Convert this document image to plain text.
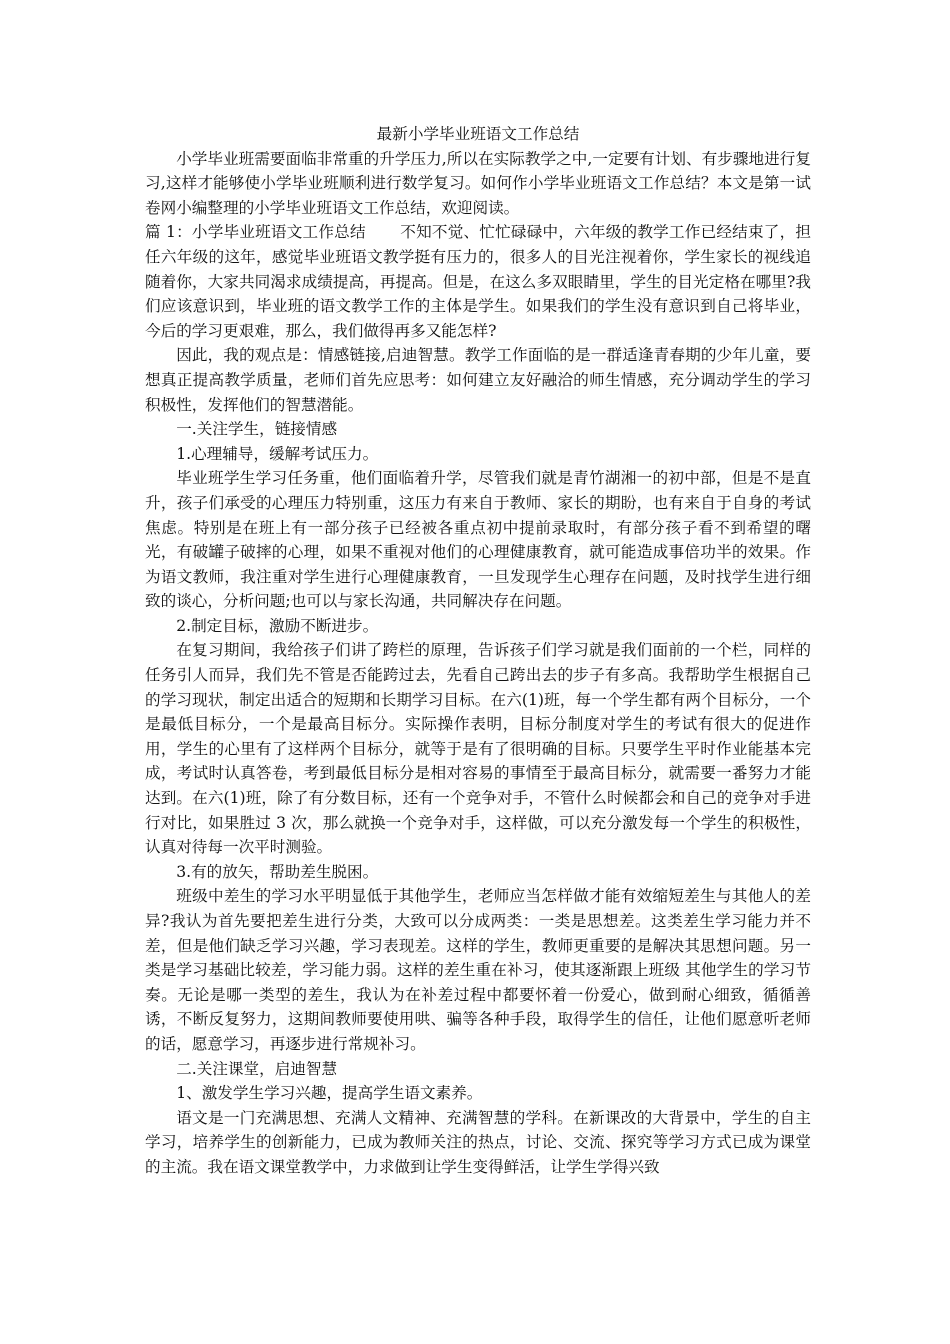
最新小学毕业班语文工作总结

小学毕业班需要面临非常重的升学压力,所以在实际教学之中,一定要有计划、有步骤地进行复习,这样才能够使小学毕业班顺利进行数学复习。如何作小学毕业班语文工作总结？本文是第一试卷网小编整理的小学毕业班语文工作总结，欢迎阅读。

篇 1：小学毕业班语文工作总结 不知不觉、忙忙碌碌中，六年级的教学工作已经结束了，担任六年级的这年，感觉毕业班语文教学挺有压力的，很多人的目光注视着你，学生家长的视线追随着你，大家共同渴求成绩提高，再提高。但是，在这么多双眼睛里，学生的目光定格在哪里?我们应该意识到，毕业班的语文教学工作的主体是学生。如果我们的学生没有意识到自己将毕业，今后的学习更艰难，那么，我们做得再多又能怎样?

因此，我的观点是：情感链接,启迪智慧。教学工作面临的是一群适逢青春期的少年儿童，要想真正提高教学质量，老师们首先应思考：如何建立友好融洽的师生情感，充分调动学生的学习积极性，发挥他们的智慧潜能。

一.关注学生，链接情感

1.心理辅导，缓解考试压力。

毕业班学生学习任务重，他们面临着升学，尽管我们就是青竹湖湘一的初中部，但是不是直升，孩子们承受的心理压力特别重，这压力有来自于教师、家长的期盼，也有来自于自身的考试焦虑。特别是在班上有一部分孩子已经被各重点初中提前录取时，有部分孩子看不到希望的曙光，有破罐子破摔的心理，如果不重视对他们的心理健康教育，就可能造成事倍功半的效果。作为语文教师，我注重对学生进行心理健康教育，一旦发现学生心理存在问题，及时找学生进行细致的谈心，分析问题;也可以与家长沟通，共同解决存在问题。

2.制定目标，激励不断进步。

在复习期间，我给孩子们讲了跨栏的原理，告诉孩子们学习就是我们面前的一个栏，同样的任务引人而异，我们先不管是否能跨过去，先看自己跨出去的步子有多高。我帮助学生根据自己的学习现状，制定出适合的短期和长期学习目标。在六(1)班，每一个学生都有两个目标分，一个是最低目标分，一个是最高目标分。实际操作表明，目标分制度对学生的考试有很大的促进作用，学生的心里有了这样两个目标分，就等于是有了很明确的目标。只要学生平时作业能基本完成，考试时认真答卷，考到最低目标分是相对容易的事情至于最高目标分，就需要一番努力才能达到。在六(1)班，除了有分数目标，还有一个竞争对手，不管什么时候都会和自己的竞争对手进行对比，如果胜过 3 次，那么就换一个竞争对手，这样做，可以充分激发每一个学生的积极性，认真对待每一次平时测验。

3.有的放矢，帮助差生脱困。

班级中差生的学习水平明显低于其他学生，老师应当怎样做才能有效缩短差生与其他人的差异?我认为首先要把差生进行分类，大致可以分成两类：一类是思想差。这类差生学习能力并不差，但是他们缺乏学习兴趣，学习表现差。这样的学生，教师更重要的是解决其思想问题。另一类是学习基础比较差，学习能力弱。这样的差生重在补习，使其逐渐跟上班级 其他学生的学习节奏。无论是哪一类型的差生，我认为在补差过程中都要怀着一份爱心，做到耐心细致，循循善诱，不断反复努力，这期间教师要使用哄、骗等各种手段，取得学生的信任，让他们愿意听老师的话，愿意学习，再逐步进行常规补习。

二.关注课堂，启迪智慧

1、激发学生学习兴趣，提高学生语文素养。

语文是一门充满思想、充满人文精神、充满智慧的学科。在新课改的大背景中，学生的自主学习，培养学生的创新能力，已成为教师关注的热点，讨论、交流、探究等学习方式已成为课堂的主流。我在语文课堂教学中，力求做到让学生变得鲜活，让学生学得兴致
